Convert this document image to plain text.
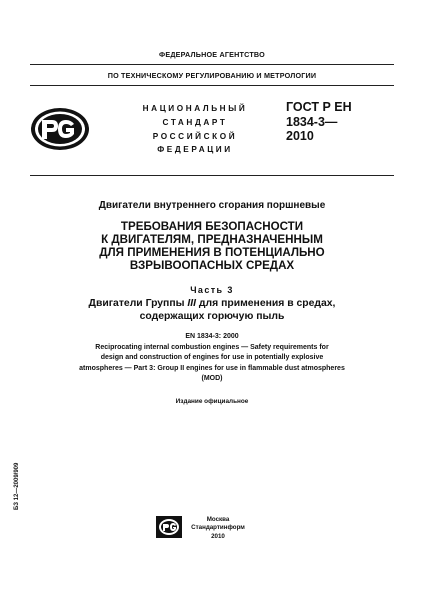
ФЕДЕРАЛЬНОЕ АГЕНТСТВО
ПО ТЕХНИЧЕСКОМУ РЕГУЛИРОВАНИЮ И МЕТРОЛОГИИ
НАЦИОНАЛЬНЫЙ
СТАНДАРТ
РОССИЙСКОЙ
ФЕДЕРАЦИИ
ГОСТ Р ЕН
1834-3—
2010
Двигатели внутреннего сгорания поршневые
ТРЕБОВАНИЯ БЕЗОПАСНОСТИ
К ДВИГАТЕЛЯМ, ПРЕДНАЗНАЧЕННЫМ
ДЛЯ ПРИМЕНЕНИЯ В ПОТЕНЦИАЛЬНО
ВЗРЫВООПАСНЫХ СРЕДАХ
Часть 3
Двигатели Группы III для применения в средах,
содержащих горючую пыль
EN 1834-3: 2000
Reciprocating internal combustion engines — Safety requirements for
design and construction of engines for use in potentially explosive
atmospheres — Part 3: Group II engines for use in flammable dust atmospheres
(MOD)
Издание официальное
БЗ 12—2009/909
Москва
Стандартинформ
2010
